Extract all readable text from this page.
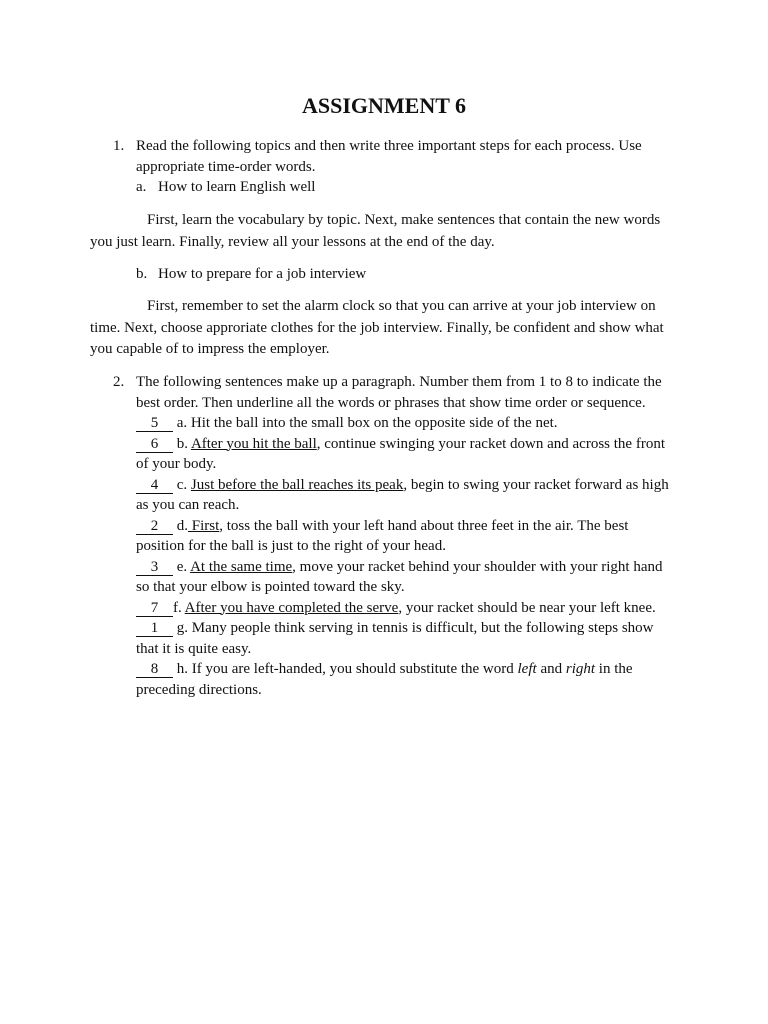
ASSIGNMENT 6
1. Read the following topics and then write three important steps for each process. Use appropriate time-order words.
a. How to learn English well

First, learn the vocabulary by topic. Next, make sentences that contain the new words you just learn. Finally, review all your lessons at the end of the day.

b. How to prepare for a job interview

First, remember to set the alarm clock so that you can arrive at your job interview on time. Next, choose approriate clothes for the job interview. Finally, be confident and show what you capable of to impress the employer.

2. The following sentences make up a paragraph. Number them from 1 to 8 to indicate the best order. Then underline all the words or phrases that show time order or sequence.

5 a. Hit the ball into the small box on the opposite side of the net.

6 b. After you hit the ball, continue swinging your racket down and across the front of your body.

4 c. Just before the ball reaches its peak, begin to swing your racket forward as high as you can reach.

2 d. First, toss the ball with your left hand about three feet in the air. The best position for the ball is just to the right of your head.

3 e. At the same time, move your racket behind your shoulder with your right hand so that your elbow is pointed toward the sky.

7 f. After you have completed the serve, your racket should be near your left knee.

1 g. Many people think serving in tennis is difficult, but the following steps show that it is quite easy.

8 h. If you are left-handed, you should substitute the word left and right in the preceding directions.
